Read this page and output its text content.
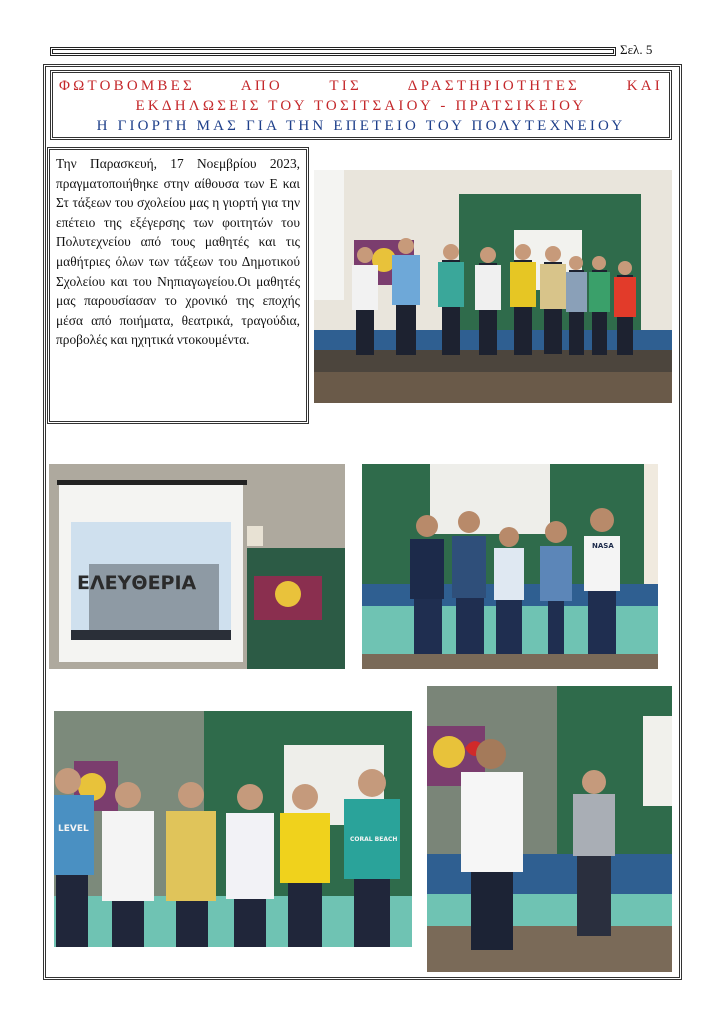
Σελ. 5
ΦΩΤΟΒΟΜΒΕΣ ΑΠΟ ΤΙΣ ΔΡΑΣΤΗΡΙΟΤΗΤΕΣ ΚΑΙ
ΕΚΔΗΛΩΣΕΙΣ ΤΟΥ ΤΟΣΙΤΣΑΙΟΥ - ΠΡΑΤΣΙΚΕΙΟΥ
Η ΓΙΟΡΤΗ ΜΑΣ ΓΙΑ ΤΗΝ ΕΠΕΤΕΙΟ ΤΟΥ ΠΟΛΥΤΕΧΝΕΙΟΥ
Την Παρασκευή, 17 Νοεμβρίου 2023, πραγματοποιήθηκε στην αίθουσα των Ε και Στ τάξεων του σχολείου μας η γιορτή για την επέτειο της εξέγερσης των φοιτητών του Πολυτεχνείου από τους μαθητές και τις μαθήτριες όλων των τάξεων του Δημοτικού Σχολείου και του Νηπιαγωγείου.Οι μαθητές μας παρουσίασαν το χρονικό της εποχής μέσα από ποιήματα, θεατρικά, τραγούδια, προβολές και ηχητικά ντοκουμέντα.
ΕΛΕΥΘΕΡΙΑ
NASA
LEVEL
CORAL BEACH
